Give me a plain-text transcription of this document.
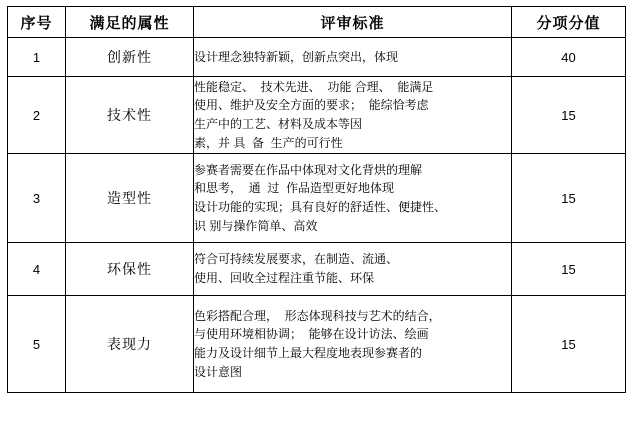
序号	满足的属性	评审标准	分项分值
1	创新性	设计理念独特新颖，创新点突出，体现	40
2	技术性	性能稳定、  技术先进、  功能 合理、  能满足
使用、维护及安全方面的要求；  能综恰考虑
生产中的工艺、材料及成本等因
素，并 具  备  生产的可行性	15
3	造型性	参赛者需要在作品中体现对文化背烘的理解
和思考，  通  过  作品造型更好地体现
设计功能的实现；具有良好的舒适性、便捷性、
识 别与操作简单、高效	15
4	环保性	符合可持续发展要求，在制造、流通、
使用、回收全过程注重节能、环保	15
5	表现力	色彩搭配合理，  形态体现科技与艺术的结合，
与使用环境相协调；  能够在设计访法、绘画
能力及设计细节上最大程度地表现参赛者的
设计意图	15
